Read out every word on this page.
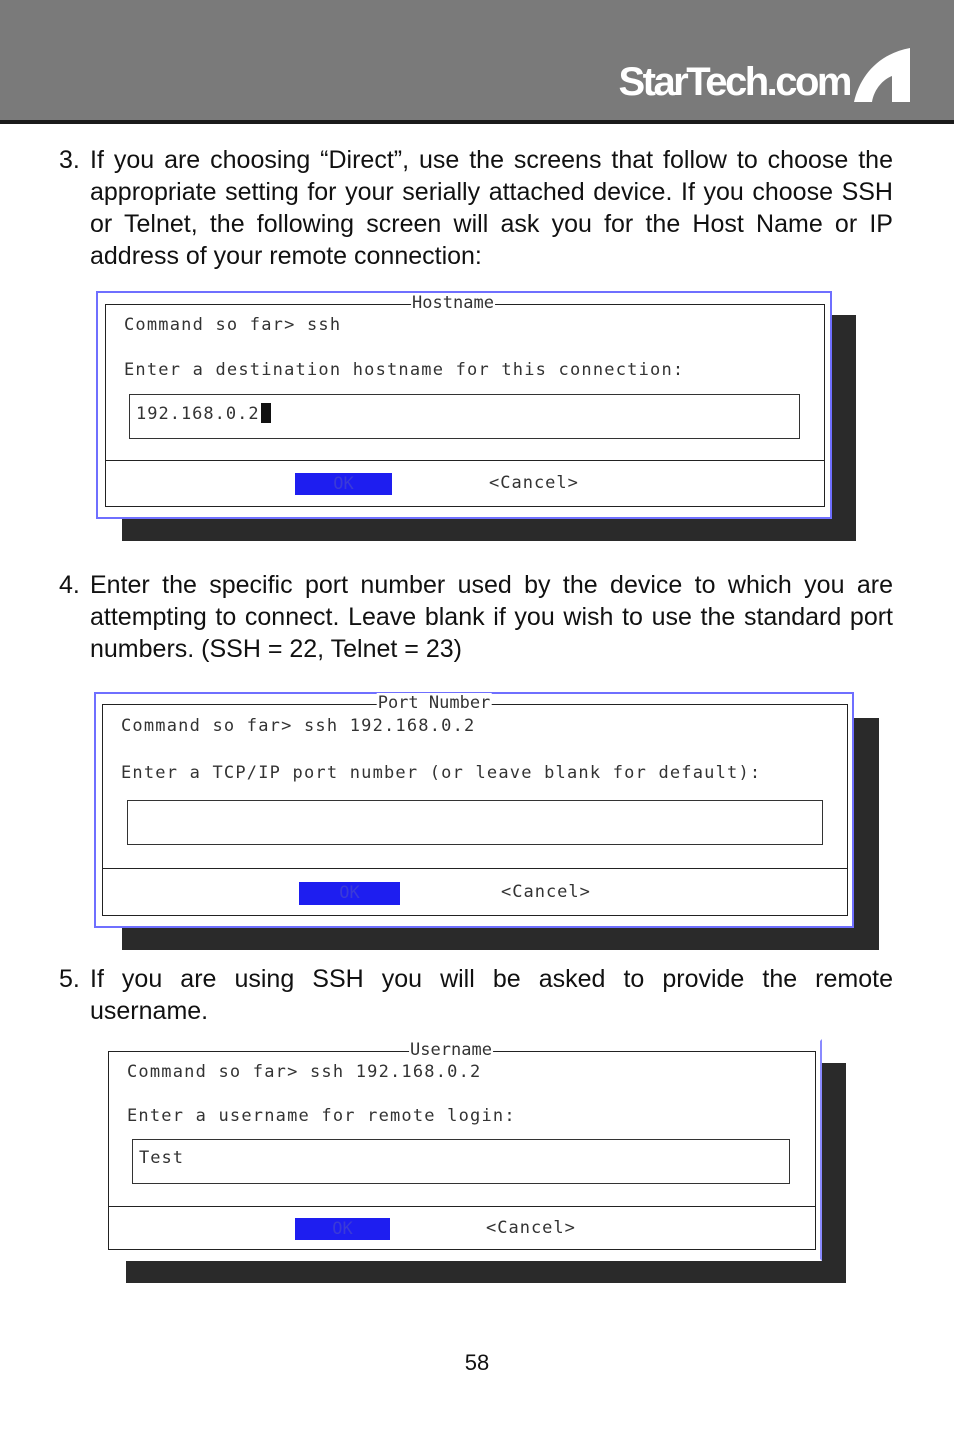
StarTech.com
3. If you are choosing “Direct”, use the screens that follow to choose the appropriate setting for your serially attached device. If you choose SSH or Telnet, the following screen will ask you for the Host Name or IP address of your remote connection:
Hostname
Command so far> ssh
Enter a destination hostname for this connection:
192.168.0.2
OK	<Cancel>
4. Enter the specific port number used by the device to which you are attempting to connect. Leave blank if you wish to use the standard port numbers. (SSH = 22, Telnet = 23)
Port Number
Command so far> ssh 192.168.0.2
Enter a TCP/IP port number (or leave blank for default):
OK	<Cancel>
5. If you are using SSH you will be asked to provide the remote
username.
Username
Command so far> ssh 192.168.0.2
Enter a username for remote login:
Test
OK	<Cancel>
58
